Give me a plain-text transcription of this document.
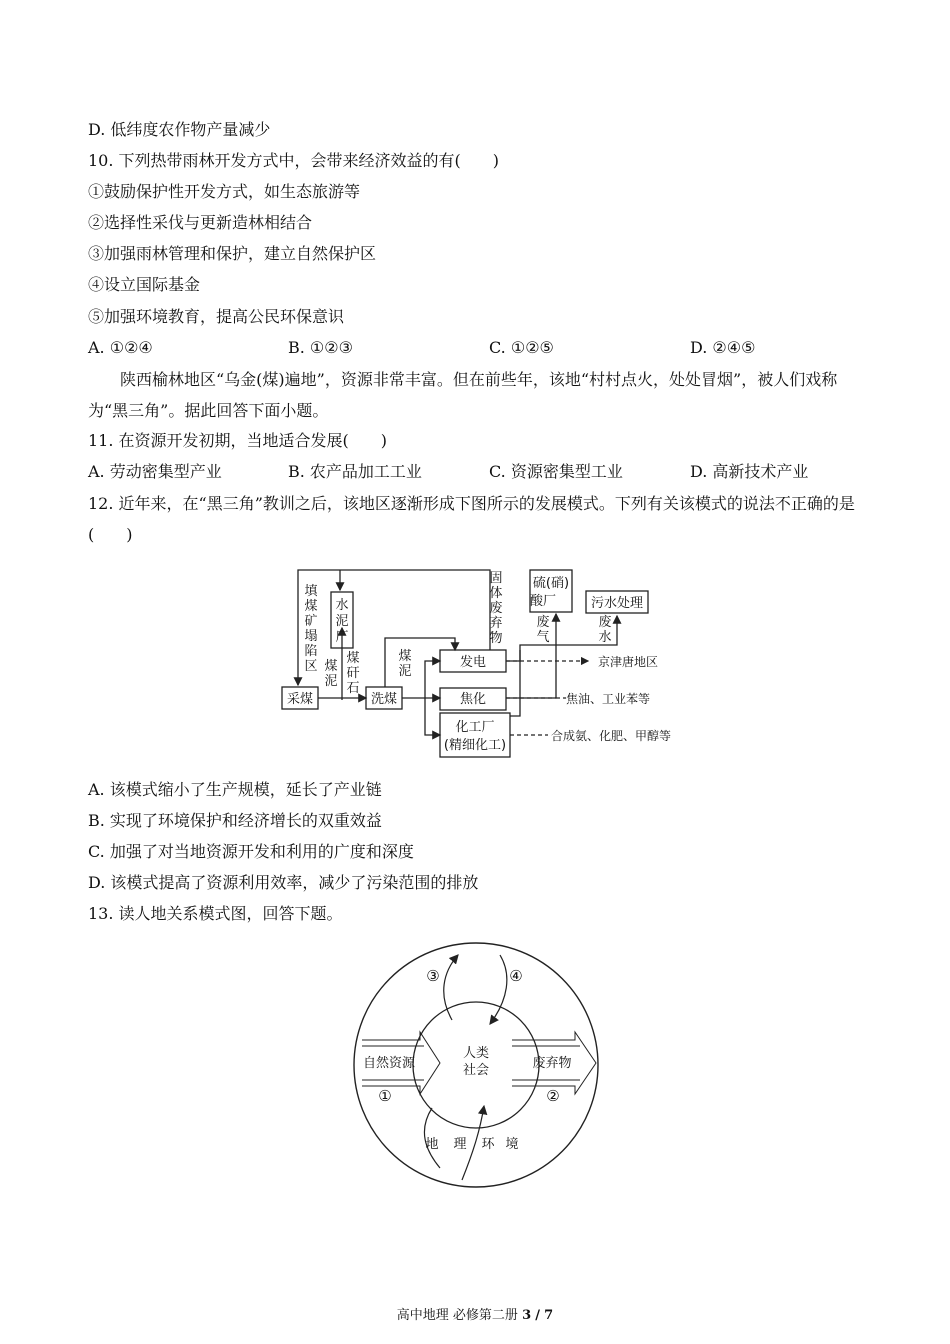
D. 低纬度农作物产量减少
10. 下列热带雨林开发方式中，会带来经济效益的有(　　)
①鼓励保护性开发方式，如生态旅游等
②选择性采伐与更新造林相结合
③加强雨林管理和保护，建立自然保护区
④设立国际基金
⑤加强环境教育，提高公民环保意识
A. ①②④	B. ①②③	C. ①②⑤	D. ②④⑤
陕西榆林地区“乌金(煤)遍地”，资源非常丰富。但在前些年，该地“村村点火，处处冒烟”，被人们戏称为“黑三角”。据此回答下面小题。
11. 在资源开发初期，当地适合发展(　　)
A. 劳动密集型产业	B. 农产品加工工业	C. 资源密集型工业	D. 高新技术产业
12. 近年来，在“黑三角”教训之后，该地区逐渐形成下图所示的发展模式。下列有关该模式的说法不正确的是(　　)
采煤	洗煤
发电
焦化
化工厂
(精细化工)
水
泥
厂
硫(硝)
酸厂	污水处理
填
煤
矿
塌
陷
区
固
体
废
弃
物
煤
矸
石
煤
泥
煤
泥
废
气
废
水
京津唐地区
焦油、工业苯等
合成氨、化肥、甲醇等
A. 该模式缩小了生产规模，延长了产业链
B. 实现了环境保护和经济增长的双重效益
C. 加强了对当地资源开发和利用的广度和深度
D. 该模式提高了资源利用效率，减少了污染范围的排放
13. 读人地关系模式图，回答下题。
人类
社会
自然资源	废弃物
地 理 环 境
①	②
③	④
高中地理 必修第二册 3 / 7
